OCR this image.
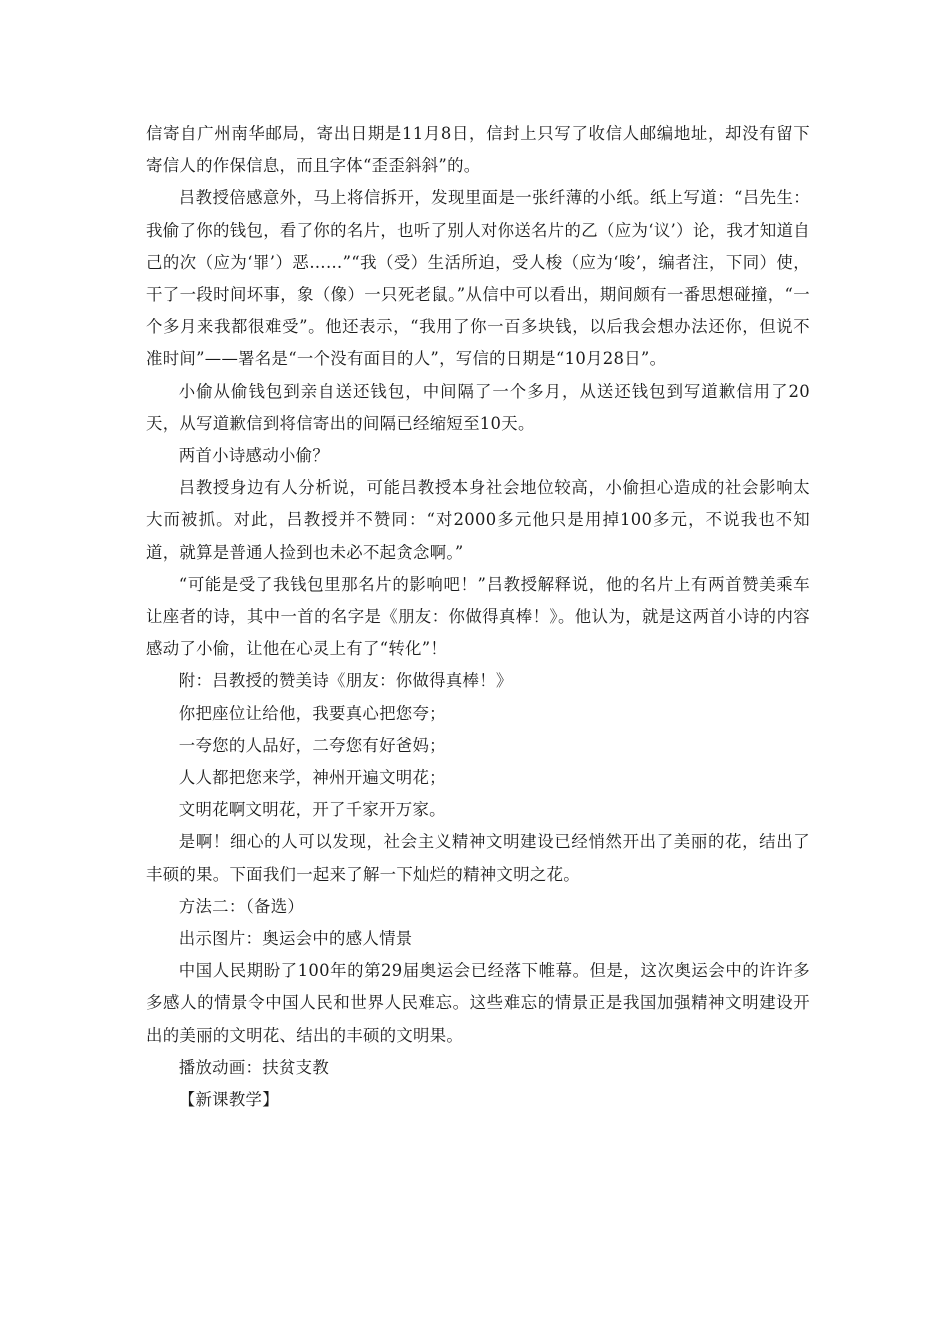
信寄自广州南华邮局，寄出日期是11月8日，信封上只写了收信人邮编地址，却没有留下寄信人的作保信息，而且字体“歪歪斜斜”的。

吕教授倍感意外，马上将信拆开，发现里面是一张纤薄的小纸。纸上写道：“吕先生：我偷了你的钱包，看了你的名片，也听了别人对你送名片的乙（应为‘议’）论，我才知道自己的次（应为‘罪’）恶……”“我（受）生活所迫，受人梭（应为‘唆’，编者注，下同）使，干了一段时间坏事，象（像）一只死老鼠。”从信中可以看出，期间颇有一番思想碰撞，“一个多月来我都很难受”。他还表示，“我用了你一百多块钱，以后我会想办法还你，但说不准时间”——署名是“一个没有面目的人”，写信的日期是“10月28日”。

小偷从偷钱包到亲自送还钱包，中间隔了一个多月，从送还钱包到写道歉信用了20天，从写道歉信到将信寄出的间隔已经缩短至10天。

两首小诗感动小偷？

吕教授身边有人分析说，可能吕教授本身社会地位较高，小偷担心造成的社会影响太大而被抓。对此，吕教授并不赞同：“对2000多元他只是用掉100多元，不说我也不知道，就算是普通人捡到也未必不起贪念啊。”

“可能是受了我钱包里那名片的影响吧！”吕教授解释说，他的名片上有两首赞美乘车让座者的诗，其中一首的名字是《朋友：你做得真棒！》。他认为，就是这两首小诗的内容感动了小偷，让他在心灵上有了“转化”！

附：吕教授的赞美诗《朋友：你做得真棒！》

你把座位让给他，我要真心把您夸；

一夸您的人品好，二夸您有好爸妈；

人人都把您来学，神州开遍文明花；

文明花啊文明花，开了千家开万家。

是啊！细心的人可以发现，社会主义精神文明建设已经悄然开出了美丽的花，结出了丰硕的果。下面我们一起来了解一下灿烂的精神文明之花。

方法二：（备选）

出示图片：奥运会中的感人情景

中国人民期盼了100年的第29届奥运会已经落下帷幕。但是，这次奥运会中的许许多多感人的情景令中国人民和世界人民难忘。这些难忘的情景正是我国加强精神文明建设开出的美丽的文明花、结出的丰硕的文明果。

播放动画：扶贫支教

【新课教学】
